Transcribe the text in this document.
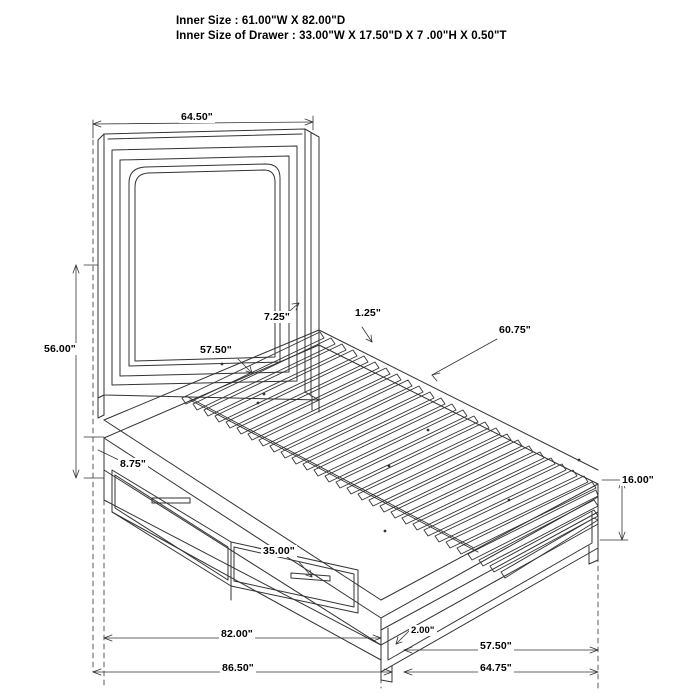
Inner Size : 61.00"W X 82.00"D
Inner Size of Drawer : 33.00"W X 17.50"D X 7 .00"H X 0.50"T
64.50"
56.00"
7.25"	1.25"
57.50"
60.75"
8.75"
16.00"
35.00"
2.00"
82.00"
57.50"
86.50"	64.75"
